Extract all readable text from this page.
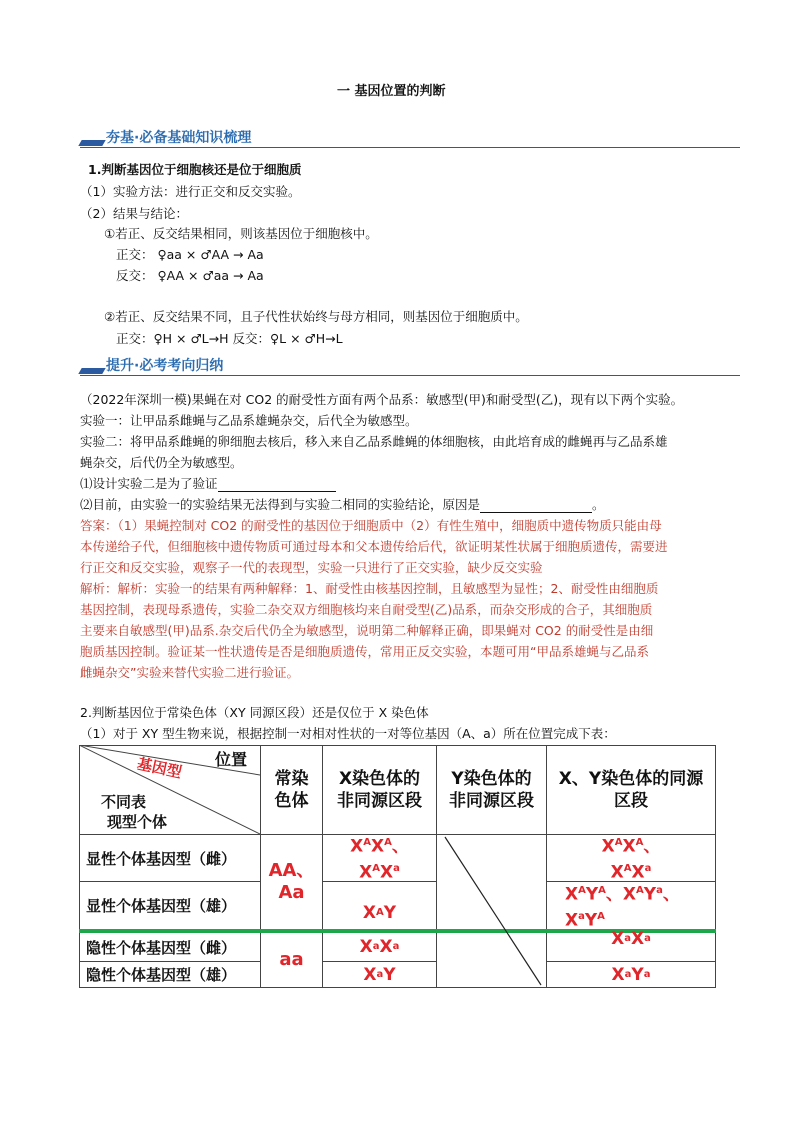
一 基因位置的判断
夯基·必备基础知识梳理
1.判断基因位于细胞核还是位于细胞质
（1）实验方法：进行正交和反交实验。
（2）结果与结论：
①若正、反交结果相同，则该基因位于细胞核中。
正交： ♀aa × ♂AA → Aa
反交： ♀AA × ♂aa → Aa
②若正、反交结果不同，且子代性状始终与母方相同，则基因位于细胞质中。
正交：♀H × ♂L→H 反交：♀L × ♂H→L
提升·必考考向归纳
（2022年深圳一模)果蝇在对 CO2 的耐受性方面有两个品系：敏感型(甲)和耐受型(乙)，现有以下两个实验。
实验一：让甲品系雌蝇与乙品系雄蝇杂交，后代全为敏感型。
实验二：将甲品系雌蝇的卵细胞去核后，移入来自乙品系雌蝇的体细胞核，由此培育成的雌蝇再与乙品系雄
蝇杂交，后代仍全为敏感型。
⑴设计实验二是为了验证
⑵目前，由实验一的实验结果无法得到与实验二相同的实验结论，原因是	。
答案：（1）果蝇控制对 CO2 的耐受性的基因位于细胞质中（2）有性生殖中，细胞质中遗传物质只能由母
本传递给子代，但细胞核中遗传物质可通过母本和父本遗传给后代，欲证明某性状属于细胞质遗传，需要进
行正交和反交实验，观察子一代的表现型，实验一只进行了正交实验，缺少反交实验
解析：解析：实验一的结果有两种解释：1、耐受性由核基因控制，且敏感型为显性；2、耐受性由细胞质
基因控制，表现母系遗传，实验二杂交双方细胞核均来自耐受型(乙)品系，而杂交形成的合子，其细胞质
主要来自敏感型(甲)品系.杂交后代仍全为敏感型，说明第二种解释正确，即果蝇对 CO2 的耐受性是由细
胞质基因控制。验证某一性状遗传是否是细胞质遗传，常用正反交实验，本题可用“甲品系雄蝇与乙品系
雌蝇杂交”实验来替代实验二进行验证。
2.判断基因位于常染色体（XY 同源区段）还是仅位于 X 染色体
（1）对于 XY 型生物来说，根据控制一对相对性状的一对等位基因（A、a）所在位置完成下表：
位置
基因型
不同表
现型个体
常染
色体
X染色体的
非同源区段
Y染色体的
非同源区段
X、Y染色体的同源
区段
显性个体基因型（雌）
显性个体基因型（雄）
隐性个体基因型（雌）
隐性个体基因型（雄）
AA、
Aa
aa
$X^AX^A$、
$X^AX^a$
X A Y
X a X a
X a Y
$X^AX^A$、
$X^AX^a$
$X^AY^A$、$X^AY^a$、
$X^aY^A$
X a X a
X a Y a
